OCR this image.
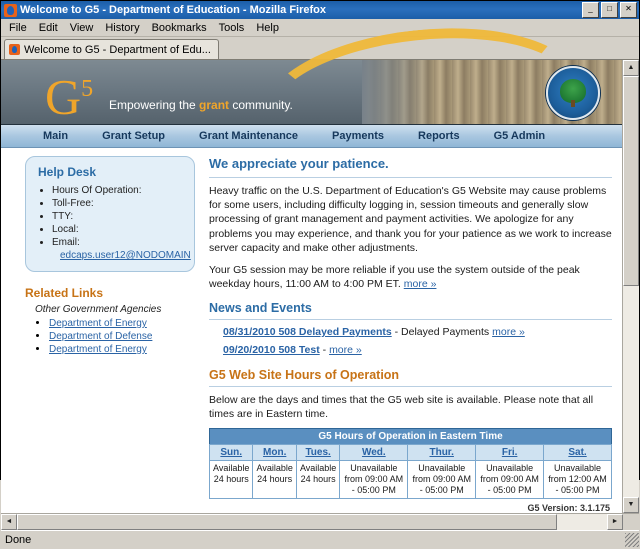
Welcome to G5 - Department of Education - Mozilla Firefox	_	□	✕
File	Edit	View	History	Bookmarks	Tools	Help
Welcome to G5 - Department of Edu...
$G^5$
Empowering the grant community.
Main	Grant Setup	Grant Maintenance	Payments	Reports	G5 Admin
Help Desk
• Hours Of Operation:
• Toll-Free:
• TTY:
• Local:
• Email:
edcaps.user12@NODOMAIN
Related Links
Other Government Agencies
• Department of Energy
• Department of Defense
• Department of Energy
We appreciate your patience.

Heavy traffic on the U.S. Department of Education's G5 Website may cause problems for some users, including difficulty logging in, session timeouts and generally slow processing of grant management and payment activities. We apologize for any problems you may experience, and thank you for your patience as we work to increase server capacity and make other adjustments.

Your G5 session may be more reliable if you use the system outside of the peak weekday hours, 11:00 AM to 4:00 PM ET. more »

News and Events
08/31/2010 508 Delayed Payments - Delayed Payments more »
09/20/2010 508 Test - more »
G5 Web Site Hours of Operation

Below are the days and times that the G5 web site is available. Please note that all times are in Eastern time.

G5 Hours of Operation in Eastern Time
Sun.	Mon.	Tues.	Wed.	Thur.	Fri.	Sat.
Available
24 hours	Available
24 hours	Available
24 hours	Unavailable
from 09:00 AM
- 05:00 PM	Unavailable
from 09:00 AM
- 05:00 PM	Unavailable
from 09:00 AM
- 05:00 PM	Unavailable
from 12:00 AM
- 05:00 PM
G5 Version: 3.1.175
▲
▼
◄	►
Done
